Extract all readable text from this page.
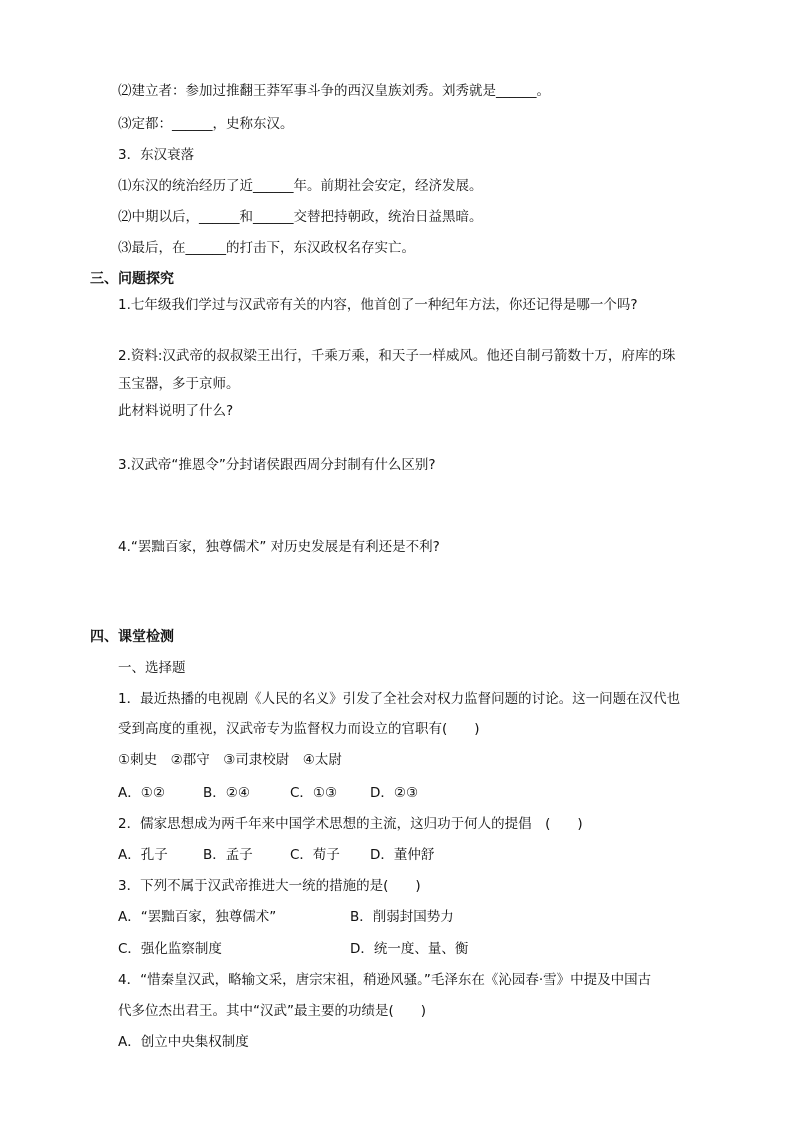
⑵建立者：参加过推翻王莽军事斗争的西汉皇族刘秀。刘秀就是______。
⑶定都：______，史称东汉。
3．东汉衰落
⑴东汉的统治经历了近______年。前期社会安定，经济发展。
⑵中期以后，______和______交替把持朝政，统治日益黑暗。
⑶最后，在______的打击下，东汉政权名存实亡。
三、问题探究
1.七年级我们学过与汉武帝有关的内容，他首创了一种纪年方法，你还记得是哪一个吗?
2.资料:汉武帝的叔叔梁王出行，千乘万乘，和天子一样威风。他还自制弓箭数十万，府库的珠
玉宝器，多于京师。
此材料说明了什么?
3.汉武帝“推恩令”分封诸侯跟西周分封制有什么区别?
4.“罢黜百家，独尊儒术” 对历史发展是有利还是不利?
四、课堂检测
一、选择题
1．最近热播的电视剧《人民的名义》引发了全社会对权力监督问题的讨论。这一问题在汉代也
受到高度的重视，汉武帝专为监督权力而设立的官职有(　　)
①刺史　②郡守　③司隶校尉　④太尉
A．①②	B．②④	C．①③ D．②③
2．儒家思想成为两千年来中国学术思想的主流，这归功于何人的提倡　(　　)
A．孔子	B．孟子	C．荀子 D．董仲舒
3．下列不属于汉武帝推进大一统的措施的是(　　)
A．“罢黜百家，独尊儒术”	B．削弱封国势力
C．强化监察制度	D．统一度、量、衡
4．“惜秦皇汉武，略输文采，唐宗宋祖，稍逊风骚。”毛泽东在《沁园春·雪》中提及中国古
代多位杰出君王。其中“汉武”最主要的功绩是(　　)
A．创立中央集权制度
